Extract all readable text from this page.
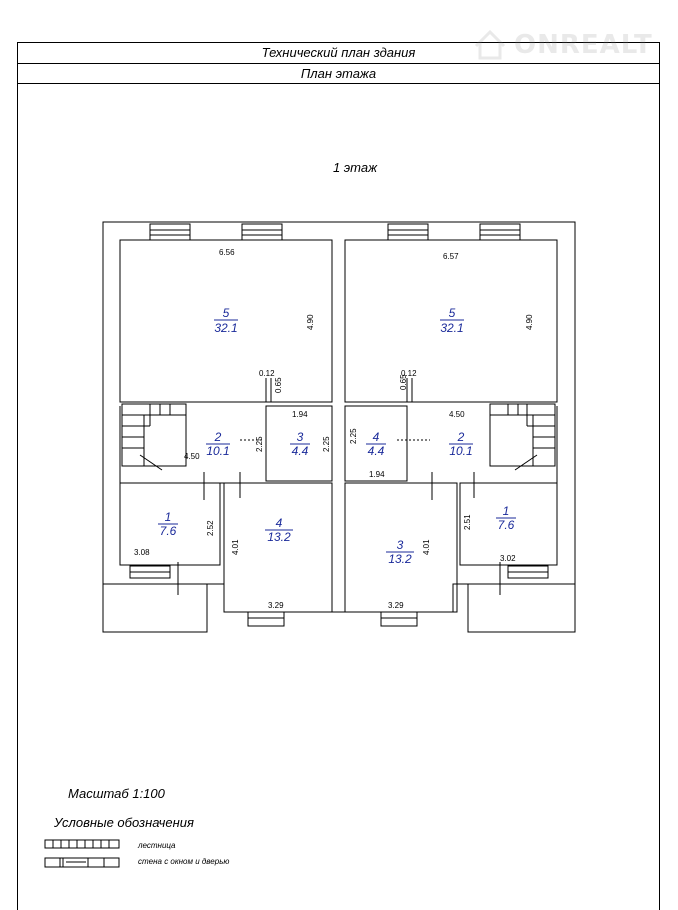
Технический план здания
План этажа
ONREALT
1 этаж
6.56
4.90
0.12
0.65
1.94
2.25	2.25
4.50
2.52
3.08	4.01
3.29
6.57
4.90
0.12
0.65
4.50
2.25
1.94
2.51
3.02
4.01
3.29
5
32.1
2
10.1
3
4.4
1
7.6
4
13.2
5
32.1
4
4.4
2
10.1
1
7.6
3
13.2
Масштаб 1:100
Условные обозначения
лестница
стена с окном и дверью
